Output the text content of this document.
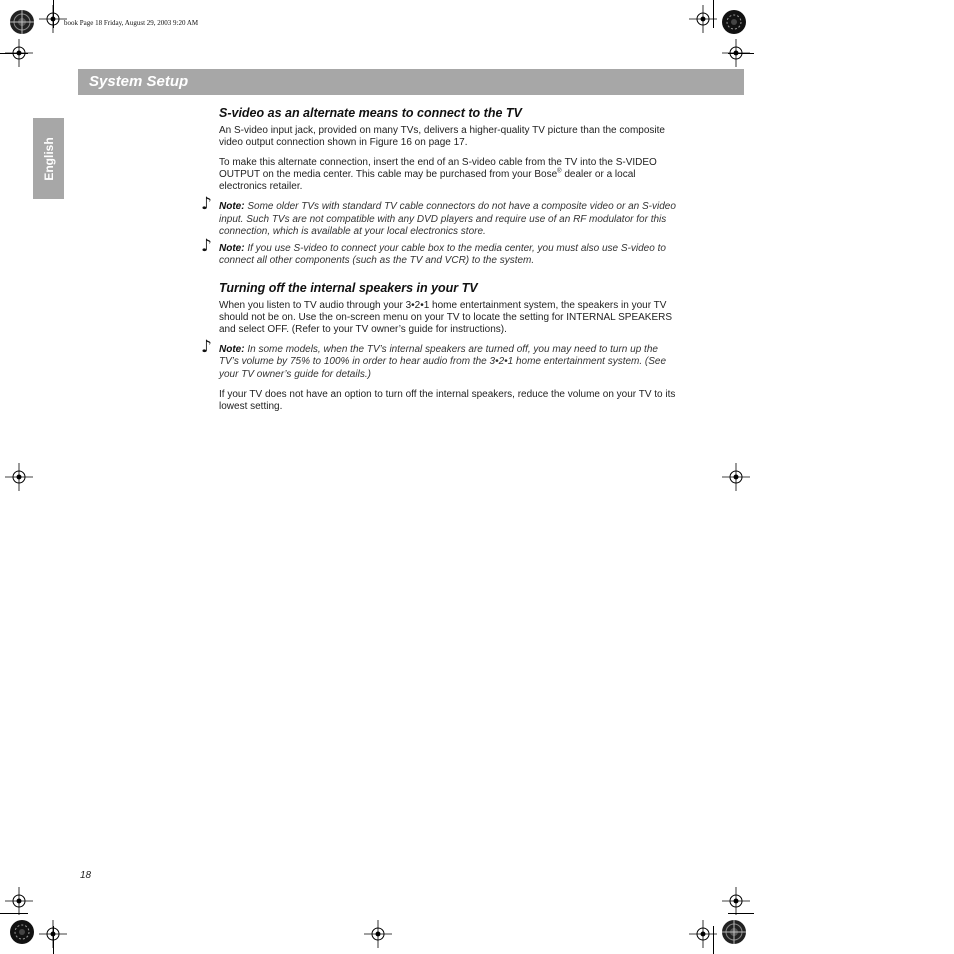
book Page 18 Friday, August 29, 2003 9:20 AM
System Setup
English
S-video as an alternate means to connect to the TV

An S-video input jack, provided on many TVs, delivers a higher-quality TV picture than the composite video output connection shown in Figure 16 on page 17.

To make this alternate connection, insert the end of an S-video cable from the TV into the S-VIDEO OUTPUT on the media center. This cable may be purchased from your Bose® dealer or a local electronics retailer.

♪ Note: Some older TVs with standard TV cable connectors do not have a composite video or an S-video input. Such TVs are not compatible with any DVD players and require use of an RF modulator for this connection, which is available at your local electronics store.
♪ Note: If you use S-video to connect your cable box to the media center, you must also use S-video to connect all other components (such as the TV and VCR) to the system.
Turning off the internal speakers in your TV

When you listen to TV audio through your 3•2•1 home entertainment system, the speakers in your TV should not be on. Use the on-screen menu on your TV to locate the setting for INTERNAL SPEAKERS and select OFF. (Refer to your TV owner’s guide for instructions).

♪ Note: In some models, when the TV’s internal speakers are turned off, you may need to turn up the TV’s volume by 75% to 100% in order to hear audio from the 3•2•1 home entertainment system. (See your TV owner’s guide for details.)

If your TV does not have an option to turn off the internal speakers, reduce the volume on your TV to its lowest setting.

18
